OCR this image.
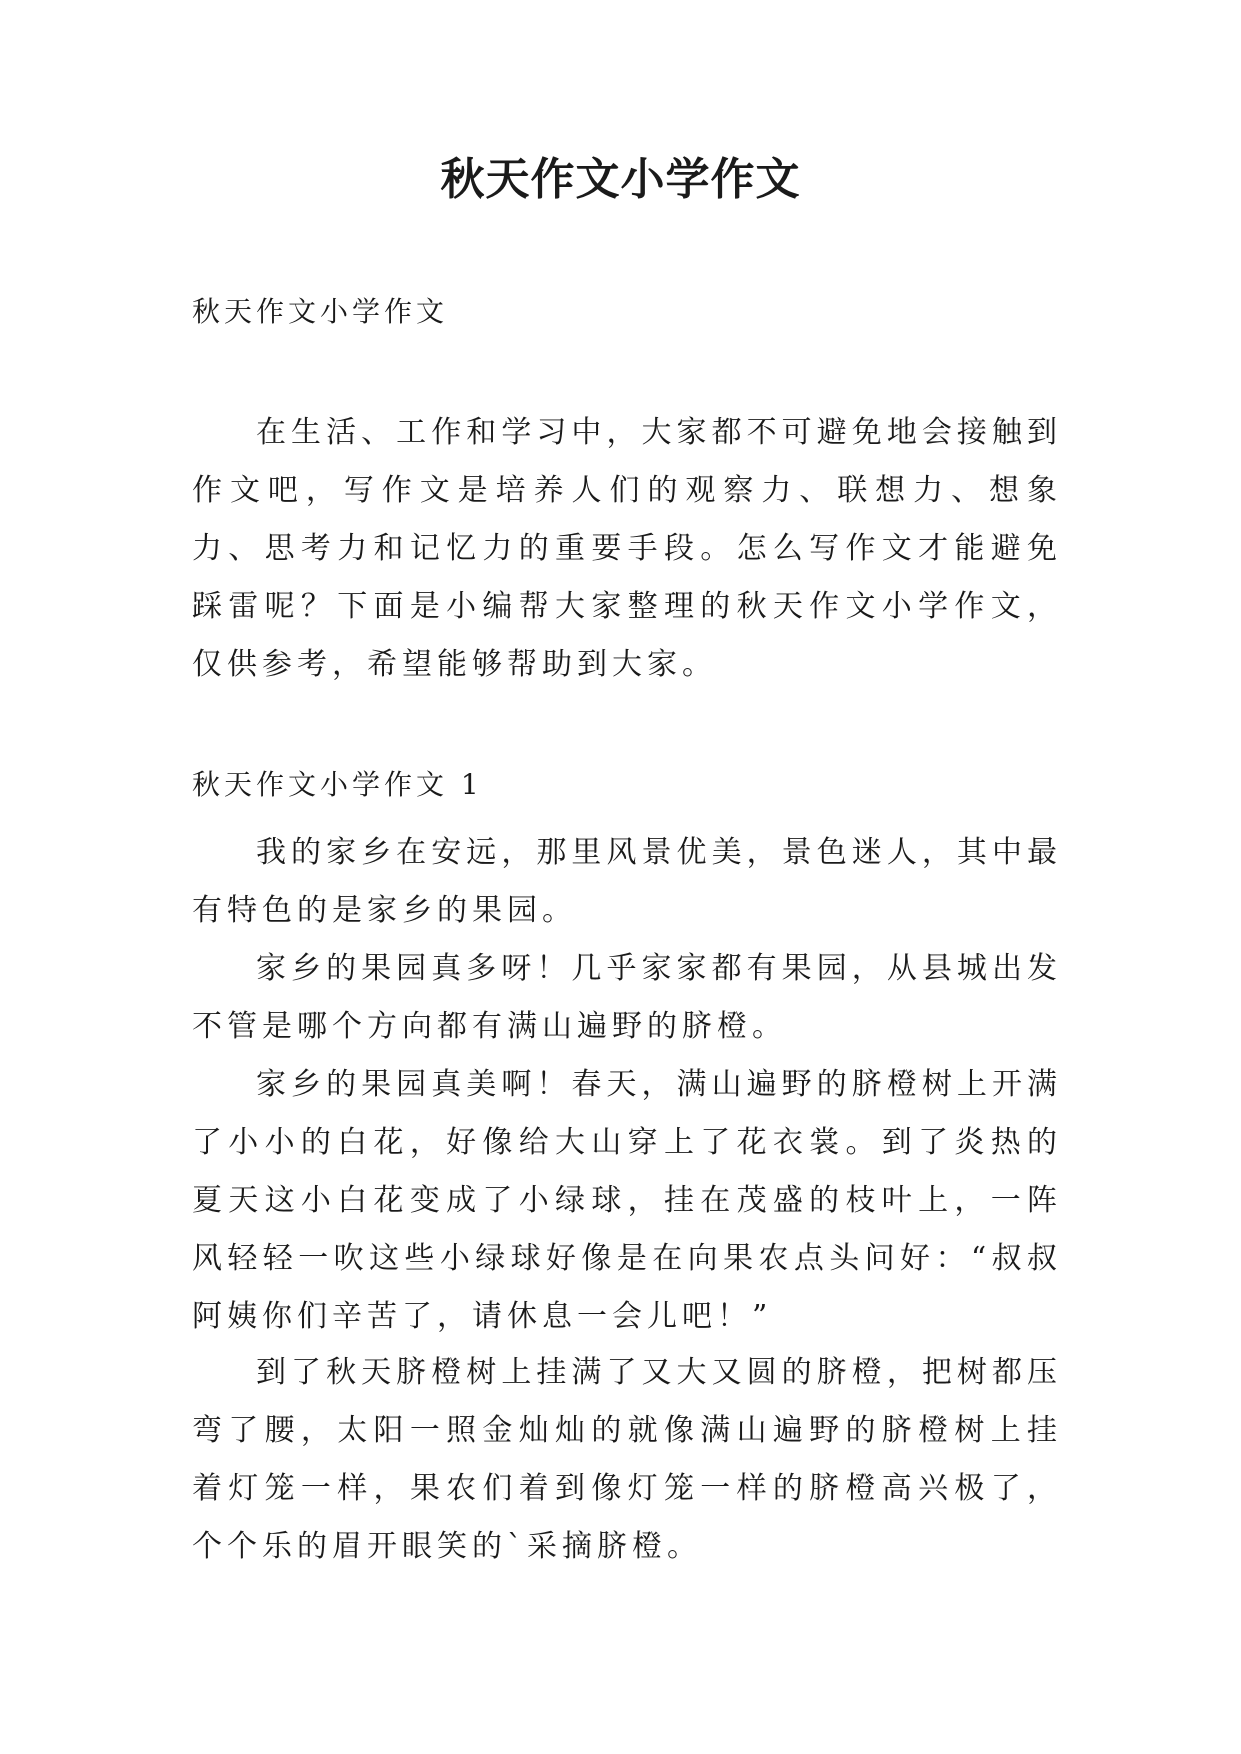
秋天作文小学作文
秋天作文小学作文
在生活、工作和学习中，大家都不可避免地会接触到作文吧，写作文是培养人们的观察力、联想力、想象力、思考力和记忆力的重要手段。怎么写作文才能避免踩雷呢？下面是小编帮大家整理的秋天作文小学作文，仅供参考，希望能够帮助到大家。
秋天作文小学作文 1
我的家乡在安远，那里风景优美，景色迷人，其中最有特色的是家乡的果园。
家乡的果园真多呀！几乎家家都有果园，从县城出发不管是哪个方向都有满山遍野的脐橙。
家乡的果园真美啊！春天，满山遍野的脐橙树上开满了小小的白花，好像给大山穿上了花衣裳。到了炎热的夏天这小白花变成了小绿球，挂在茂盛的枝叶上，一阵风轻轻一吹这些小绿球好像是在向果农点头问好：“叔叔阿姨你们辛苦了，请休息一会儿吧！”
到了秋天脐橙树上挂满了又大又圆的脐橙，把树都压弯了腰，太阳一照金灿灿的就像满山遍野的脐橙树上挂着灯笼一样，果农们着到像灯笼一样的脐橙高兴极了，个个乐的眉开眼笑的`采摘脐橙。
